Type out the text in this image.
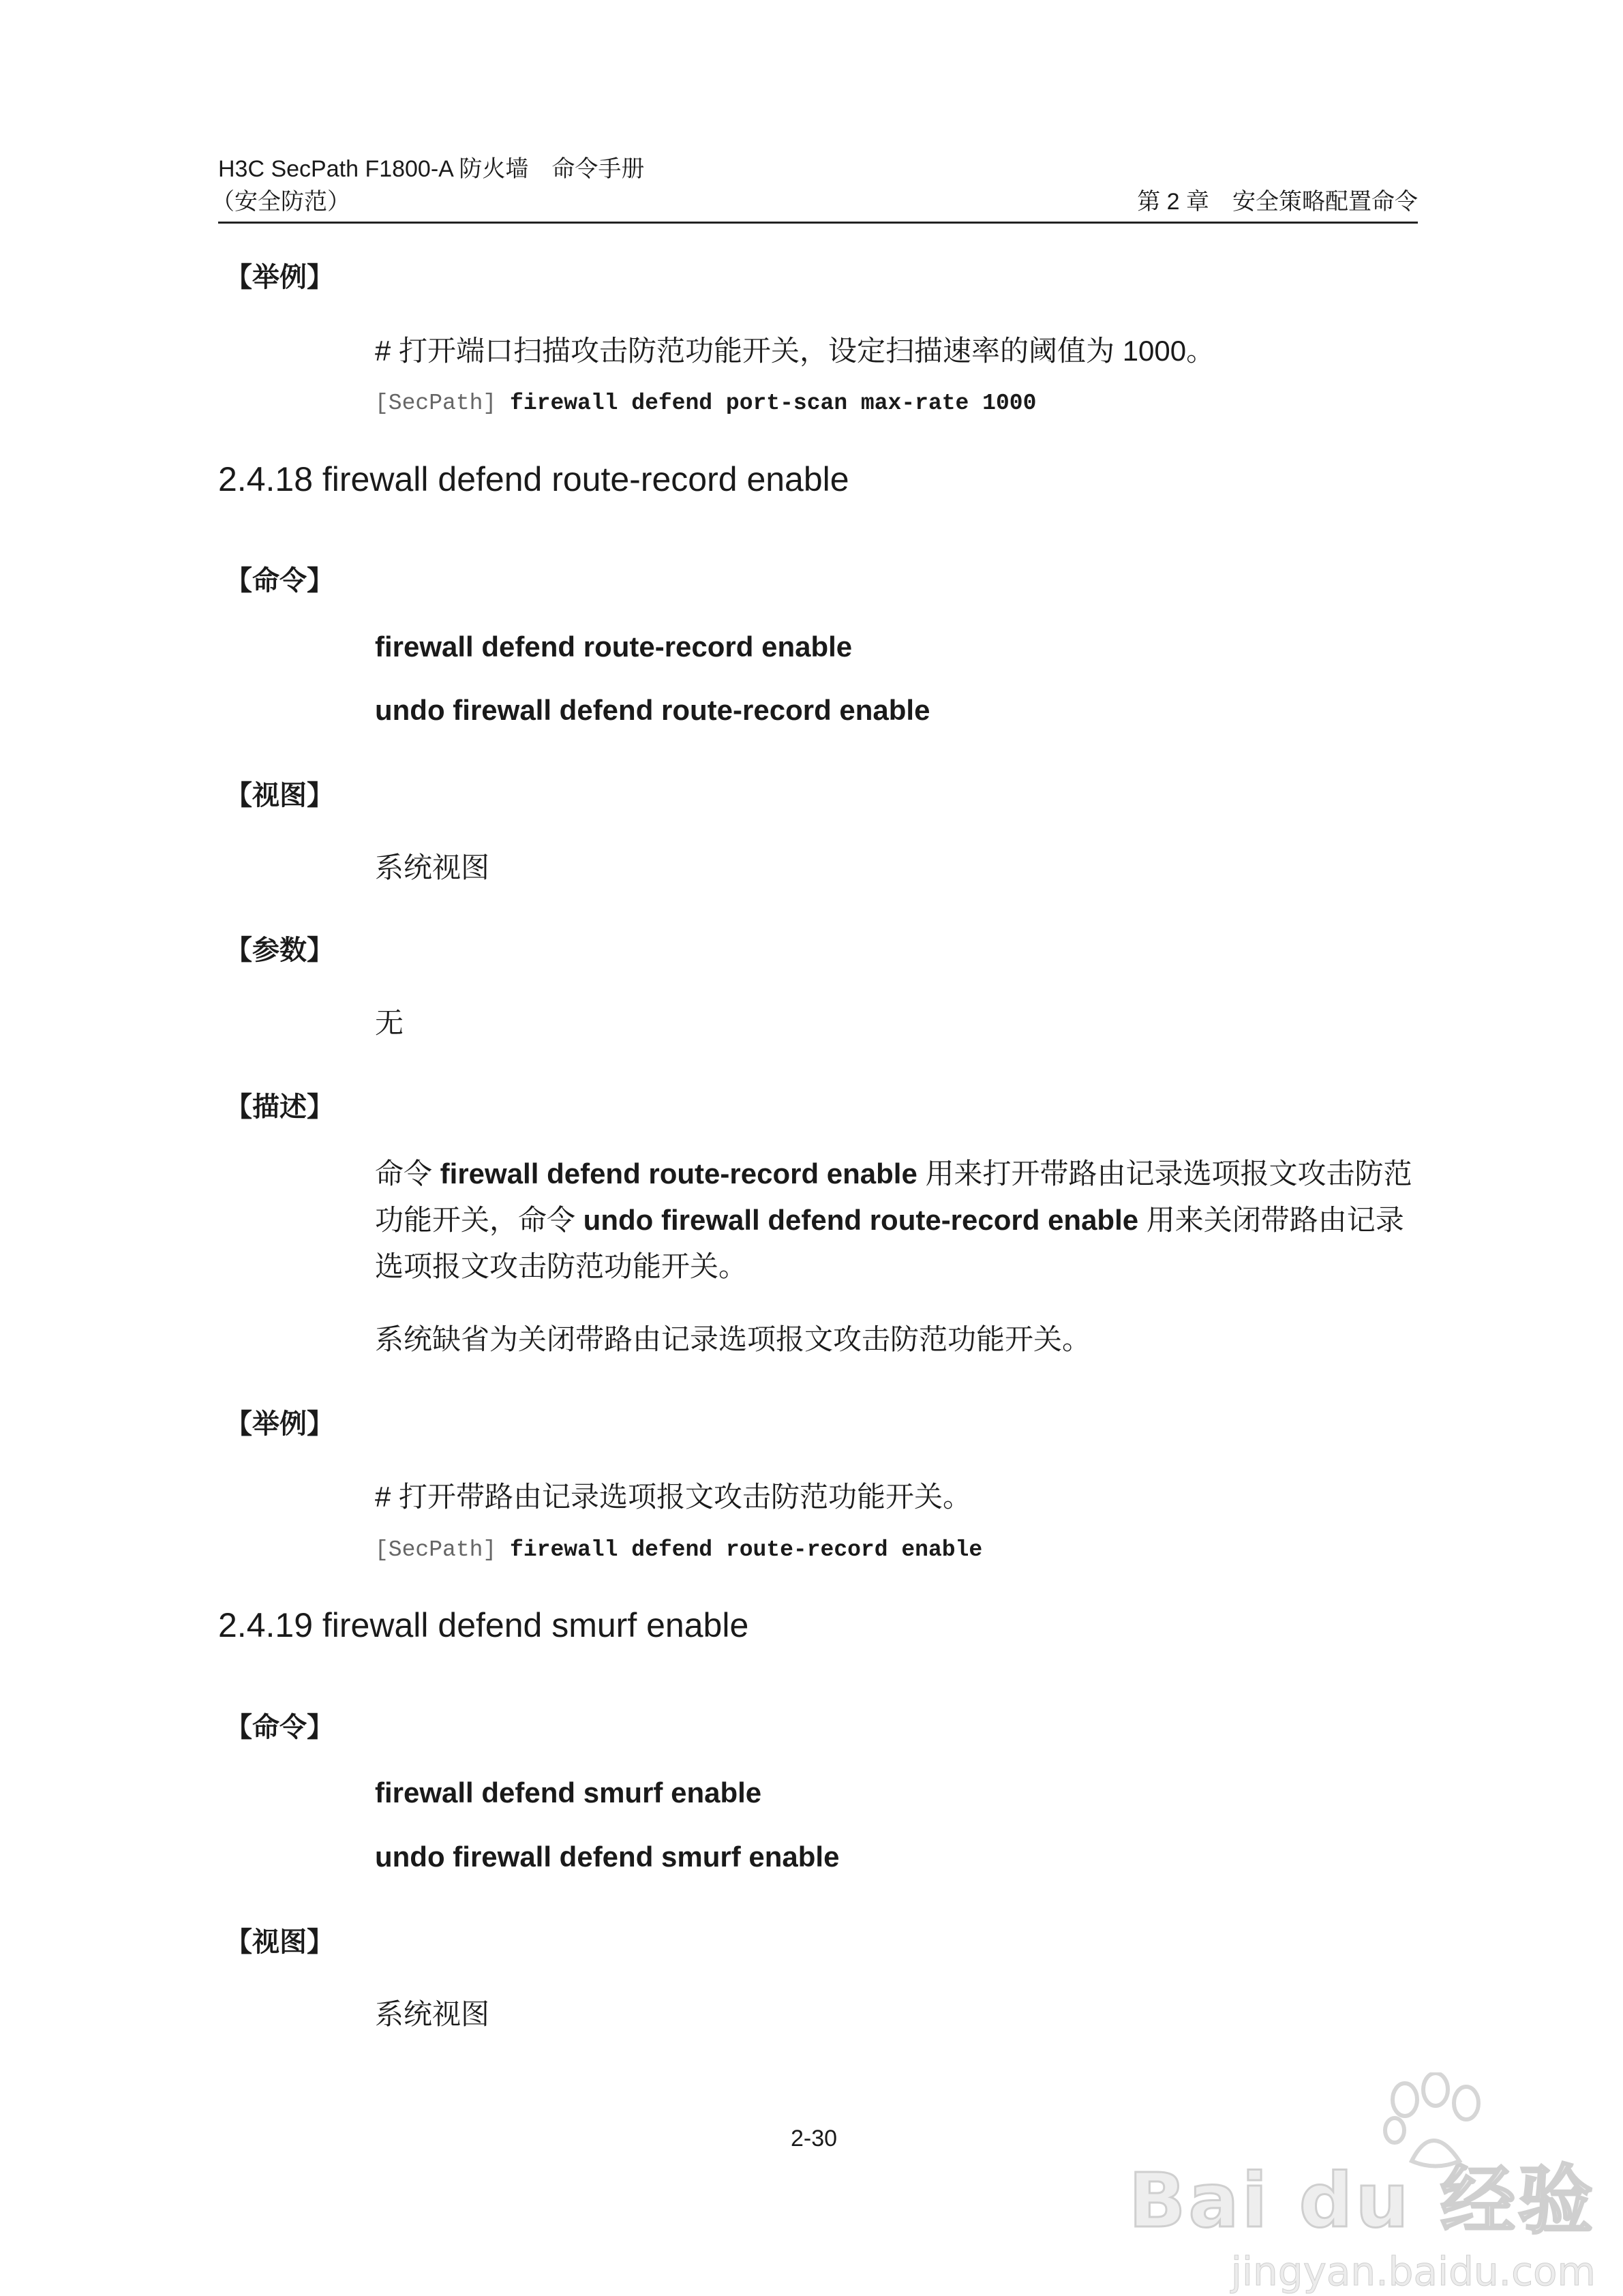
H3C SecPath F1800-A 防火墙　命令手册
（安全防范）	第 2 章　安全策略配置命令
【举例】
# 打开端口扫描攻击防范功能开关，设定扫描速率的阈值为 1000。
[SecPath] firewall defend port-scan max-rate 1000
2.4.18 firewall defend route-record enable
【命令】
firewall defend route-record enable
undo firewall defend route-record enable
【视图】
系统视图
【参数】
无
【描述】
命令 firewall defend route-record enable 用来打开带路由记录选项报文攻击防范功能开关，命令 undo firewall defend route-record enable 用来关闭带路由记录选项报文攻击防范功能开关。
系统缺省为关闭带路由记录选项报文攻击防范功能开关。
【举例】
# 打开带路由记录选项报文攻击防范功能开关。
[SecPath] firewall defend route-record enable
2.4.19 firewall defend smurf enable
【命令】
firewall defend smurf enable
undo firewall defend smurf enable
【视图】
系统视图
2-30
Bai du 经验
jingyan.baidu.com
